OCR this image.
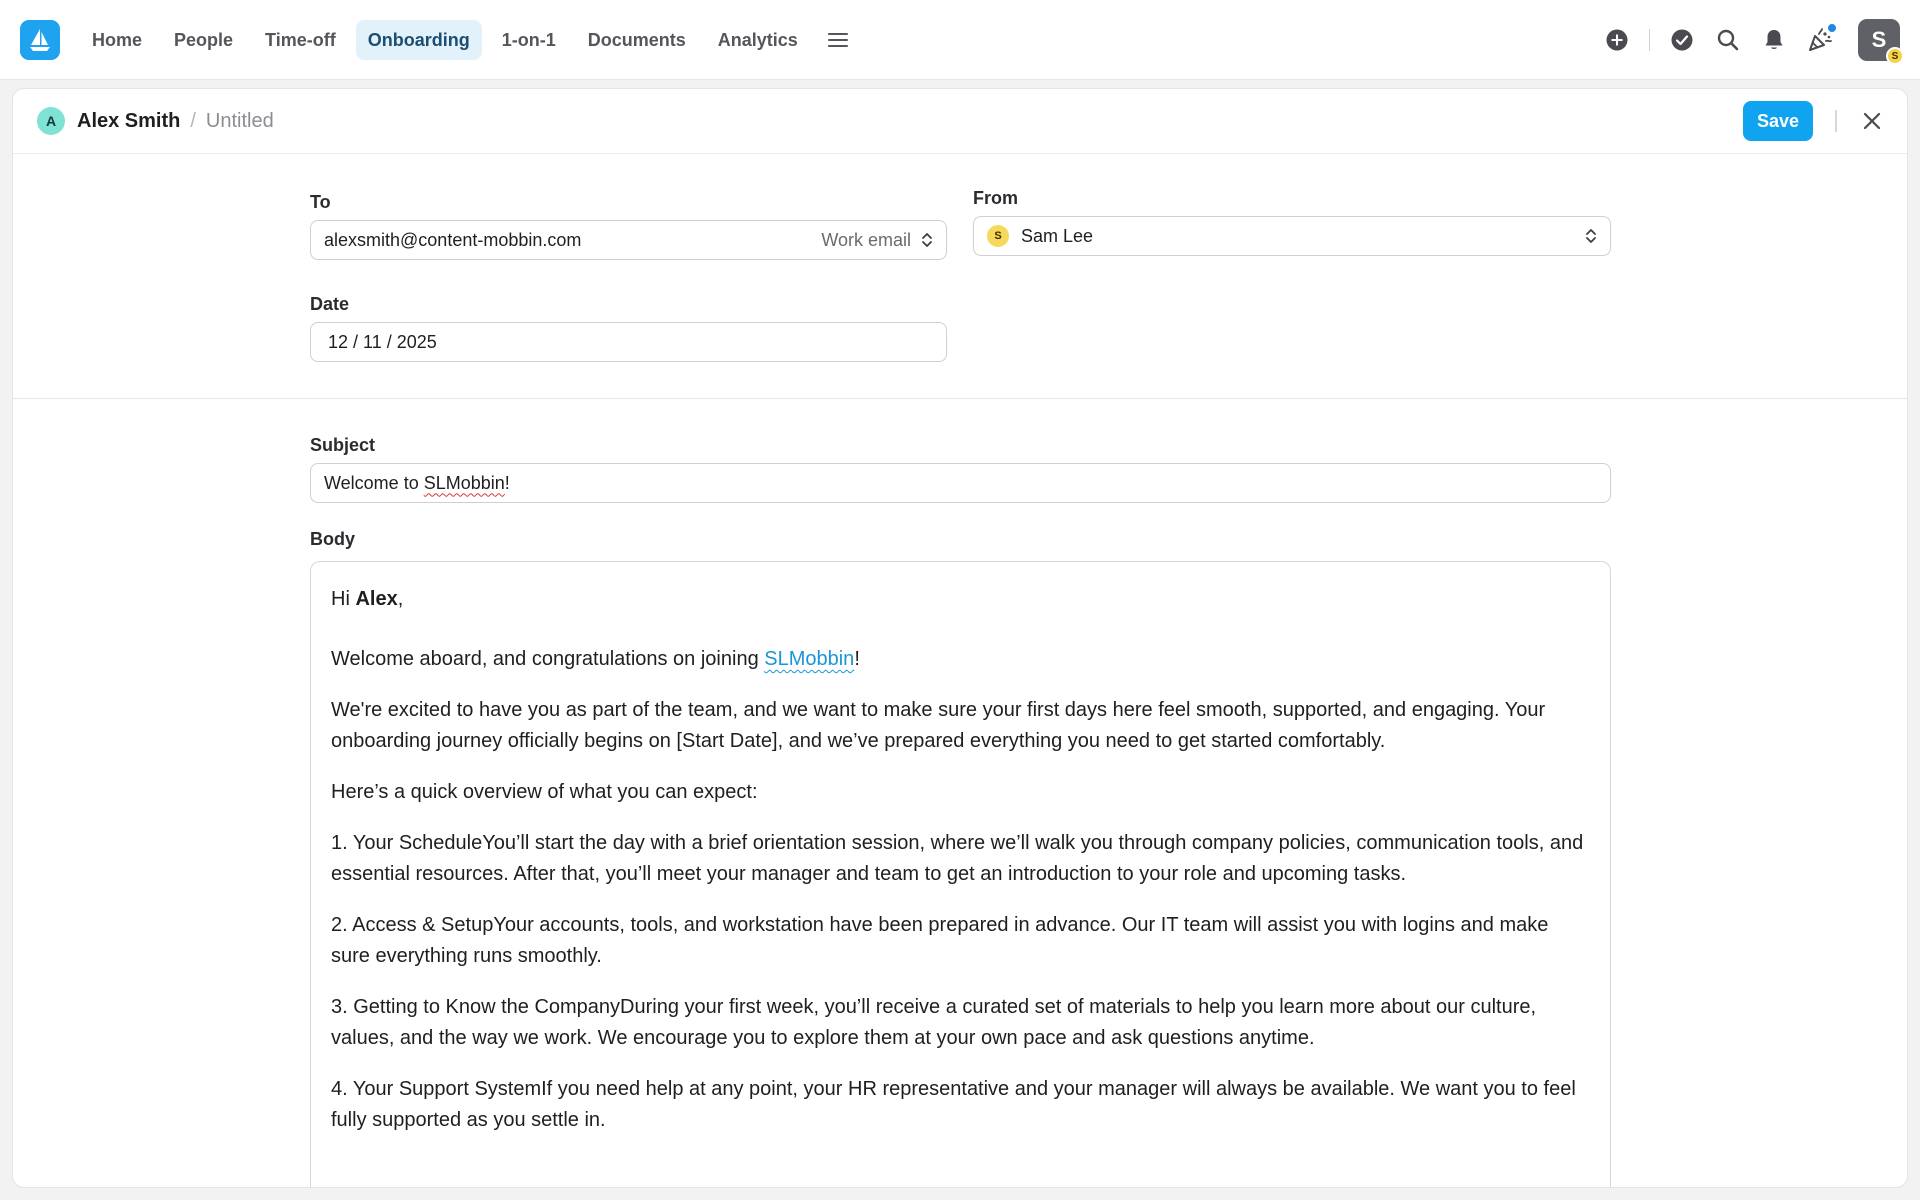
Home	People	Time-off	Onboarding	1-on-1	Documents	Analytics	S
S
A	Alex Smith / Untitled	Save
To
alexsmith@content-mobbin.com	Work email
From
S	Sam Lee
Date
12 / 11 / 2025
Subject
Welcome to SLMobbin !
Body

Hi Alex,

Welcome aboard, and congratulations on joining SLMobbin!

We're excited to have you as part of the team, and we want to make sure your first days here feel smooth, supported, and engaging. Your onboarding journey officially begins on [Start Date], and we’ve prepared everything you need to get started comfortably.

Here’s a quick overview of what you can expect:

1. Your ScheduleYou’ll start the day with a brief orientation session, where we’ll walk you through company policies, communication tools, and essential resources. After that, you’ll meet your manager and team to get an introduction to your role and upcoming tasks.

2. Access & SetupYour accounts, tools, and workstation have been prepared in advance. Our IT team will assist you with logins and make sure everything runs smoothly.

3. Getting to Know the CompanyDuring your first week, you’ll receive a curated set of materials to help you learn more about our culture, values, and the way we work. We encourage you to explore them at your own pace and ask questions anytime.

4. Your Support SystemIf you need help at any point, your HR representative and your manager will always be available. We want you to feel fully supported as you settle in.
